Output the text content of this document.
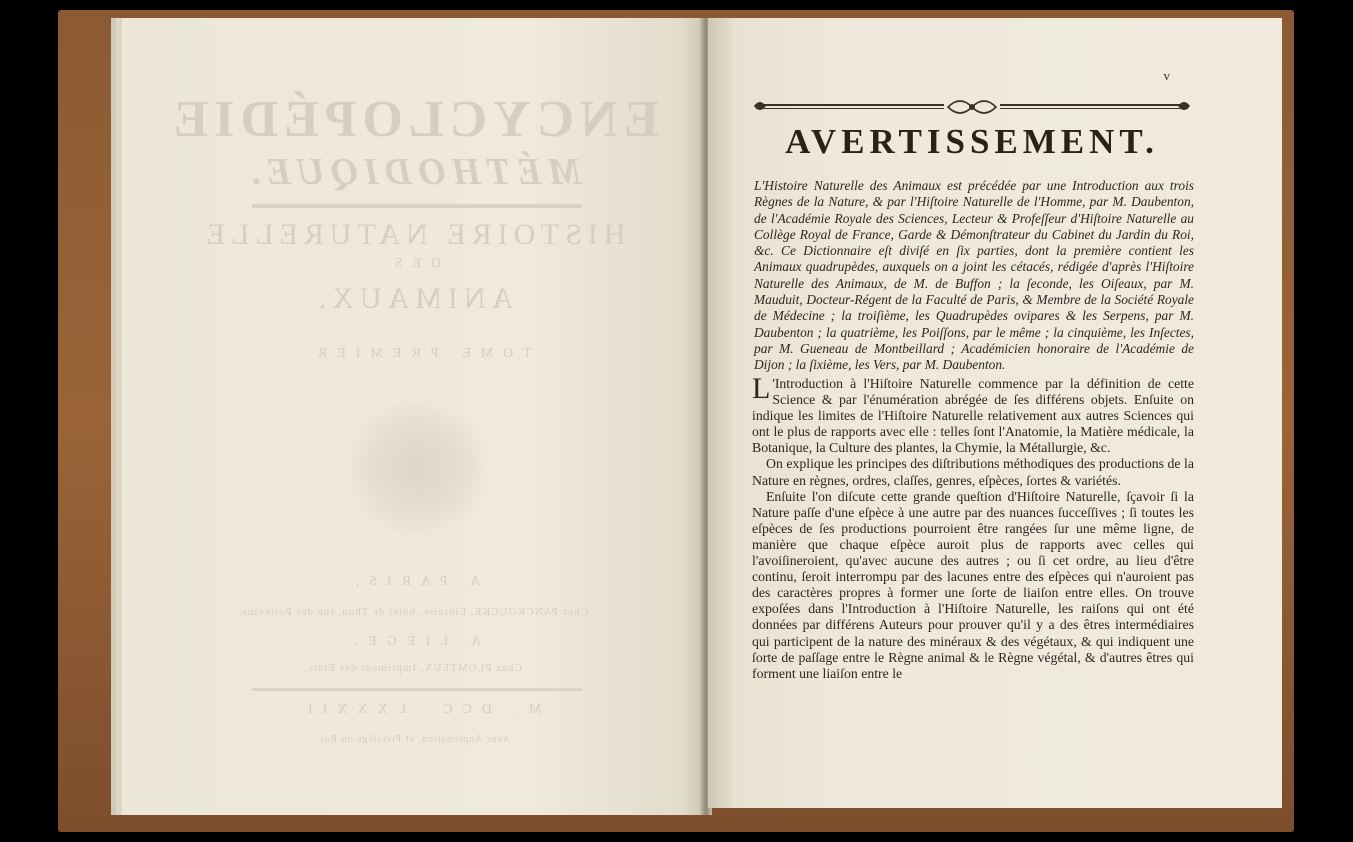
ENCYCLOPÉDIE
MÉTHODIQUE.
HISTOIRE NATURELLE
DES
ANIMAUX.
TOME PREMIER.
A PARIS,
Chez PANCKOUCKE, Libraire, hôtel de Thou, rue des Poitevins.
A LIÉGE,
Chez PLOMTEUX, Imprimeur des États.
M. DCC. LXXXII.
Avec Approbation, et Privilége du Roi.
v
AVERTISSEMENT.
L'Histoire Naturelle des Animaux est précédée par une Introduction aux trois Règnes de la Nature, & par l'Hiſtoire Naturelle de l'Homme, par M. Daubenton, de l'Académie Royale des Sciences, Lecteur & Profeſſeur d'Hiſtoire Naturelle au Collège Royal de France, Garde & Démonſtrateur du Cabinet du Jardin du Roi, &c. Ce Dictionnaire eſt diviſé en ſix parties, dont la première contient les Animaux quadrupèdes, auxquels on a joint les cétacés, rédigée d'après l'Hiſtoire Naturelle des Animaux, de M. de Buffon ; la ſeconde, les Oiſeaux, par M. Mauduit, Docteur-Régent de la Faculté de Paris, & Membre de la Société Royale de Médecine ; la troiſième, les Quadrupèdes ovipares & les Serpens, par M. Daubenton ; la quatrième, les Poiſſons, par le même ; la cinquième, les Inſectes, par M. Gueneau de Montbeillard ; Académicien honoraire de l'Académie de Dijon ; la ſixième, les Vers, par M. Daubenton.

L 'Introduction à l'Hiſtoire Naturelle commence par la définition de cette Science & par l'énumération abrégée de ſes différens objets. Enſuite on indique les limites de l'Hiſtoire Naturelle relativement aux autres Sciences qui ont le plus de rapports avec elle : telles ſont l'Anatomie, la Matière médicale, la Botanique, la Culture des plantes, la Chymie, la Métallurgie, &c.

On explique les principes des diſtributions méthodiques des productions de la Nature en règnes, ordres, claſſes, genres, eſpèces, ſortes & variétés.

Enſuite l'on diſcute cette grande queſtion d'Hiſtoire Naturelle, ſçavoir ſi la Nature paſſe d'une eſpèce à une autre par des nuances ſucceſſives ; ſi toutes les eſpèces de ſes productions pourroient être rangées ſur une même ligne, de manière que chaque eſpèce auroit plus de rapports avec celles qui l'avoiſineroient, qu'avec aucune des autres ; ou ſi cet ordre, au lieu d'être continu, ſeroit interrompu par des lacunes entre des eſpèces qui n'auroient pas des caractères propres à former une ſorte de liaiſon entre elles. On trouve expoſées dans l'Introduction à l'Hiſtoire Naturelle, les raiſons qui ont été données par différens Auteurs pour prouver qu'il y a des êtres intermédiaires qui participent de la nature des minéraux & des végétaux, & qui indiquent une ſorte de paſſage entre le Règne animal & le Règne végétal, & d'autres êtres qui forment une liaiſon entre le
